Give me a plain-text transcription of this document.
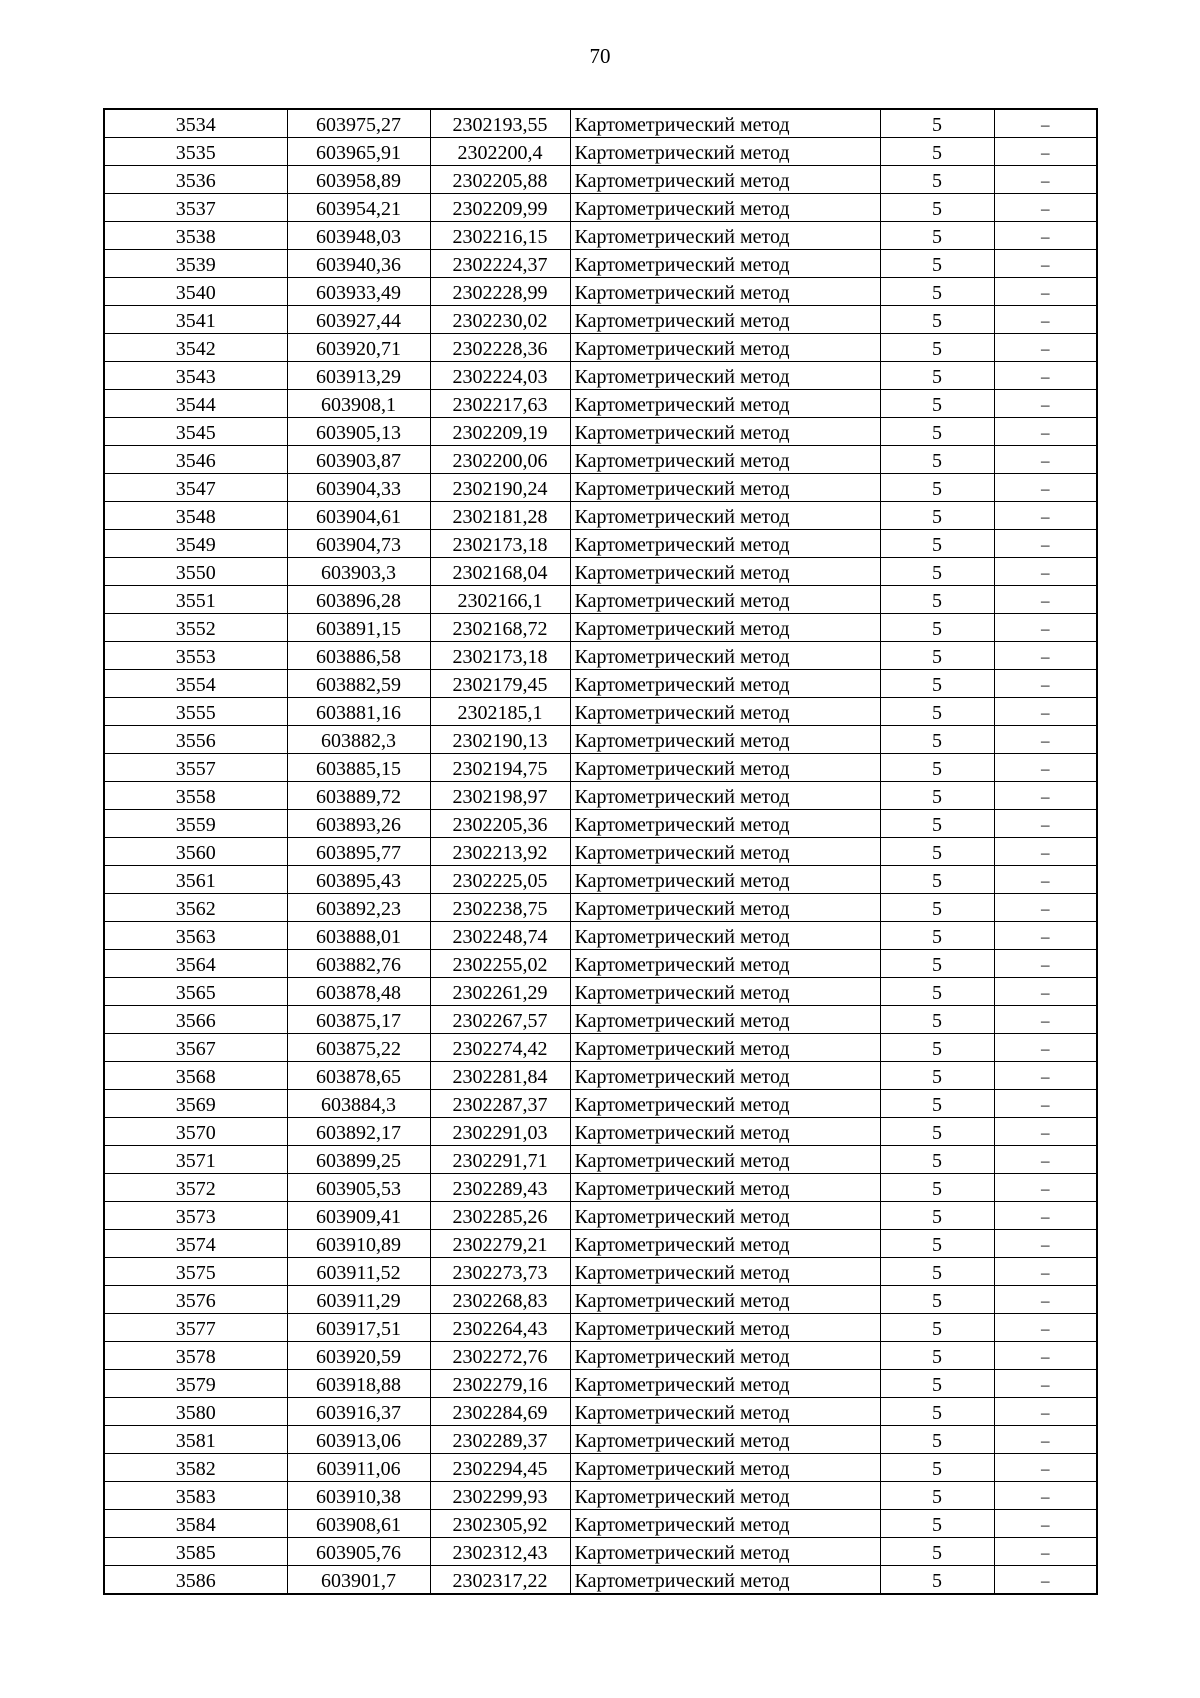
70
3534	603975,27	2302193,55	Картометрический метод	5	–
3535	603965,91	2302200,4	Картометрический метод	5	–
3536	603958,89	2302205,88	Картометрический метод	5	–
3537	603954,21	2302209,99	Картометрический метод	5	–
3538	603948,03	2302216,15	Картометрический метод	5	–
3539	603940,36	2302224,37	Картометрический метод	5	–
3540	603933,49	2302228,99	Картометрический метод	5	–
3541	603927,44	2302230,02	Картометрический метод	5	–
3542	603920,71	2302228,36	Картометрический метод	5	–
3543	603913,29	2302224,03	Картометрический метод	5	–
3544	603908,1	2302217,63	Картометрический метод	5	–
3545	603905,13	2302209,19	Картометрический метод	5	–
3546	603903,87	2302200,06	Картометрический метод	5	–
3547	603904,33	2302190,24	Картометрический метод	5	–
3548	603904,61	2302181,28	Картометрический метод	5	–
3549	603904,73	2302173,18	Картометрический метод	5	–
3550	603903,3	2302168,04	Картометрический метод	5	–
3551	603896,28	2302166,1	Картометрический метод	5	–
3552	603891,15	2302168,72	Картометрический метод	5	–
3553	603886,58	2302173,18	Картометрический метод	5	–
3554	603882,59	2302179,45	Картометрический метод	5	–
3555	603881,16	2302185,1	Картометрический метод	5	–
3556	603882,3	2302190,13	Картометрический метод	5	–
3557	603885,15	2302194,75	Картометрический метод	5	–
3558	603889,72	2302198,97	Картометрический метод	5	–
3559	603893,26	2302205,36	Картометрический метод	5	–
3560	603895,77	2302213,92	Картометрический метод	5	–
3561	603895,43	2302225,05	Картометрический метод	5	–
3562	603892,23	2302238,75	Картометрический метод	5	–
3563	603888,01	2302248,74	Картометрический метод	5	–
3564	603882,76	2302255,02	Картометрический метод	5	–
3565	603878,48	2302261,29	Картометрический метод	5	–
3566	603875,17	2302267,57	Картометрический метод	5	–
3567	603875,22	2302274,42	Картометрический метод	5	–
3568	603878,65	2302281,84	Картометрический метод	5	–
3569	603884,3	2302287,37	Картометрический метод	5	–
3570	603892,17	2302291,03	Картометрический метод	5	–
3571	603899,25	2302291,71	Картометрический метод	5	–
3572	603905,53	2302289,43	Картометрический метод	5	–
3573	603909,41	2302285,26	Картометрический метод	5	–
3574	603910,89	2302279,21	Картометрический метод	5	–
3575	603911,52	2302273,73	Картометрический метод	5	–
3576	603911,29	2302268,83	Картометрический метод	5	–
3577	603917,51	2302264,43	Картометрический метод	5	–
3578	603920,59	2302272,76	Картометрический метод	5	–
3579	603918,88	2302279,16	Картометрический метод	5	–
3580	603916,37	2302284,69	Картометрический метод	5	–
3581	603913,06	2302289,37	Картометрический метод	5	–
3582	603911,06	2302294,45	Картометрический метод	5	–
3583	603910,38	2302299,93	Картометрический метод	5	–
3584	603908,61	2302305,92	Картометрический метод	5	–
3585	603905,76	2302312,43	Картометрический метод	5	–
3586	603901,7	2302317,22	Картометрический метод	5	–
